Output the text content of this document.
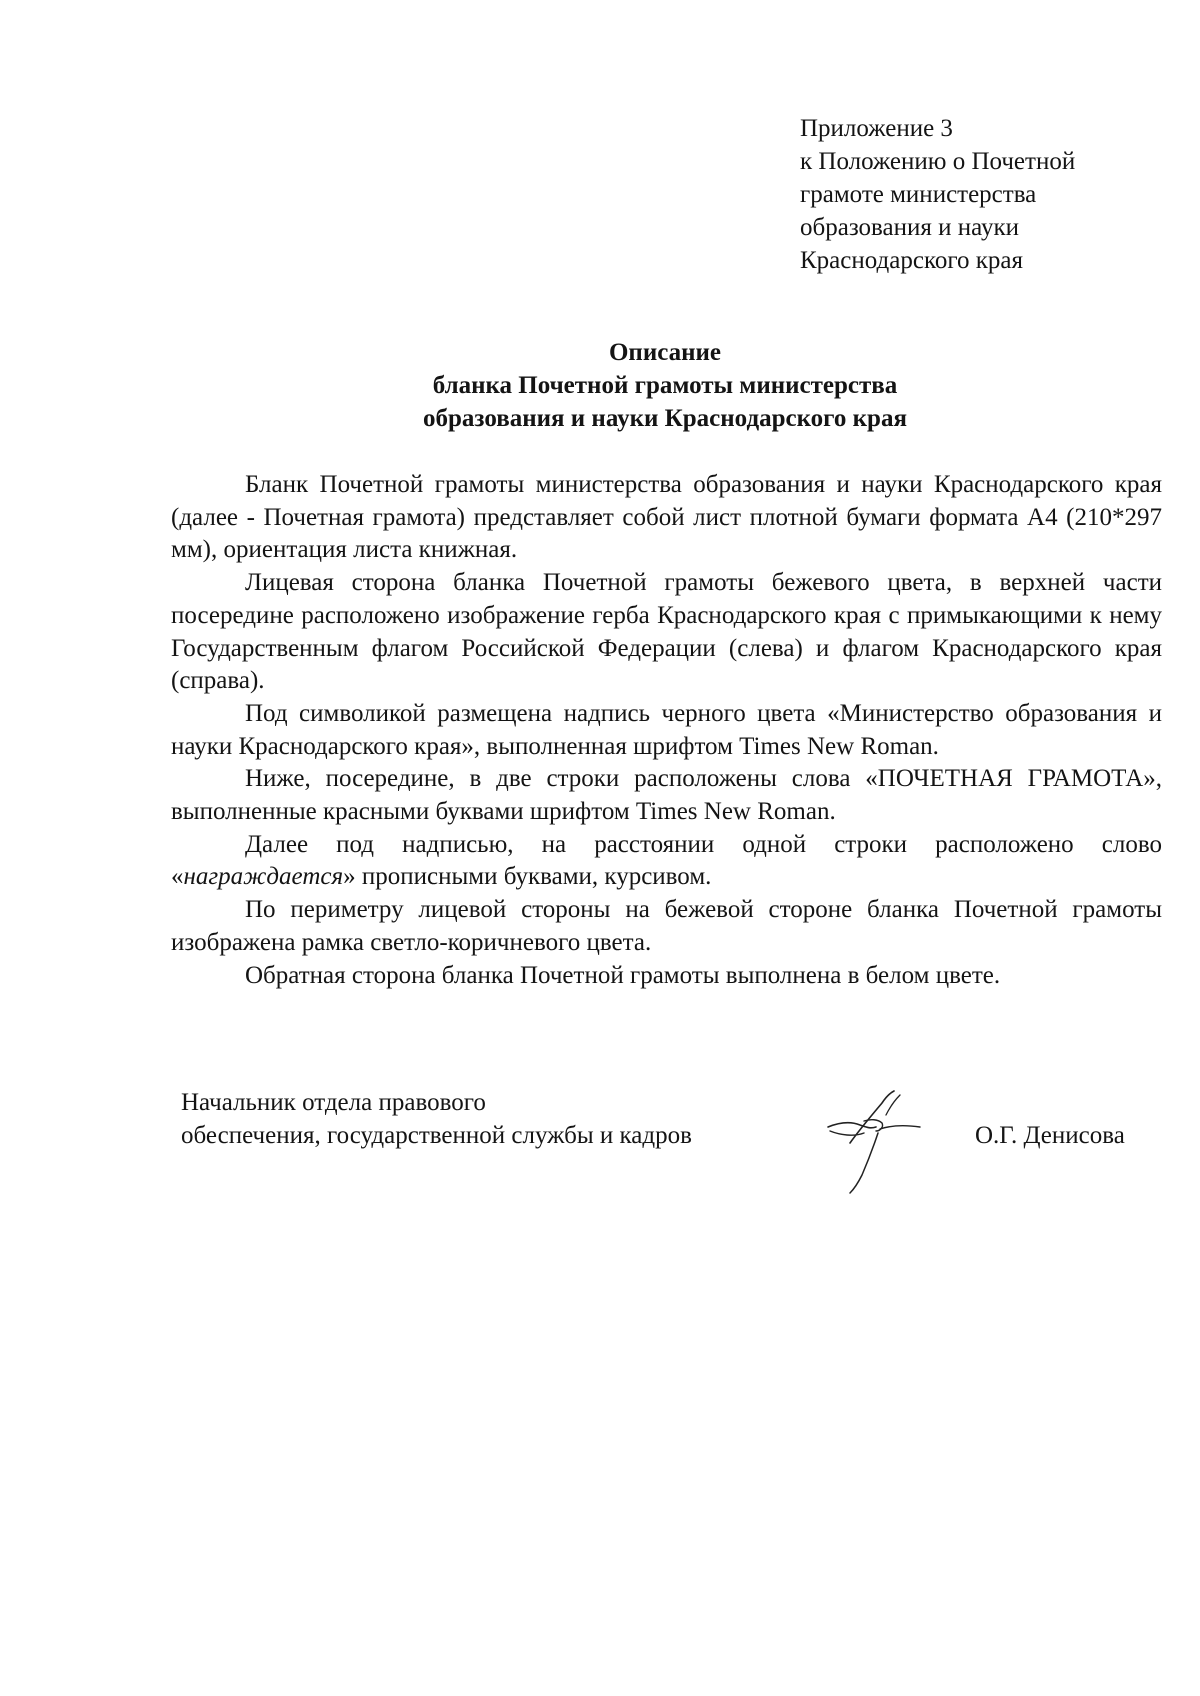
Приложение 3
к Положению о Почетной
грамоте министерства
образования и науки
Краснодарского края
Описание
бланка Почетной грамоты министерства
образования и науки Краснодарского края

Бланк Почетной грамоты министерства образования и науки Краснодарского края (далее - Почетная грамота) представляет собой лист плотной бумаги формата А4 (210*297 мм), ориентация листа книжная.

Лицевая сторона бланка Почетной грамоты бежевого цвета, в верхней части посередине расположено изображение герба Краснодарского края с примыкающими к нему Государственным флагом Российской Федерации (слева) и флагом Краснодарского края (справа).

Под символикой размещена надпись черного цвета «Министерство образования и науки Краснодарского края», выполненная шрифтом Times New Roman.

Ниже, посередине, в две строки расположены слова «ПОЧЕТНАЯ ГРАМОТА», выполненные красными буквами шрифтом Times New Roman.

Далее под надписью, на расстоянии одной строки расположено слово «награждается» прописными буквами, курсивом.

По периметру лицевой стороны на бежевой стороне бланка Почетной грамоты изображена рамка светло-коричневого цвета.

Обратная сторона бланка Почетной грамоты выполнена в белом цвете.

Начальник отдела правового
обеспечения, государственной службы и кадров	О.Г. Денисова
